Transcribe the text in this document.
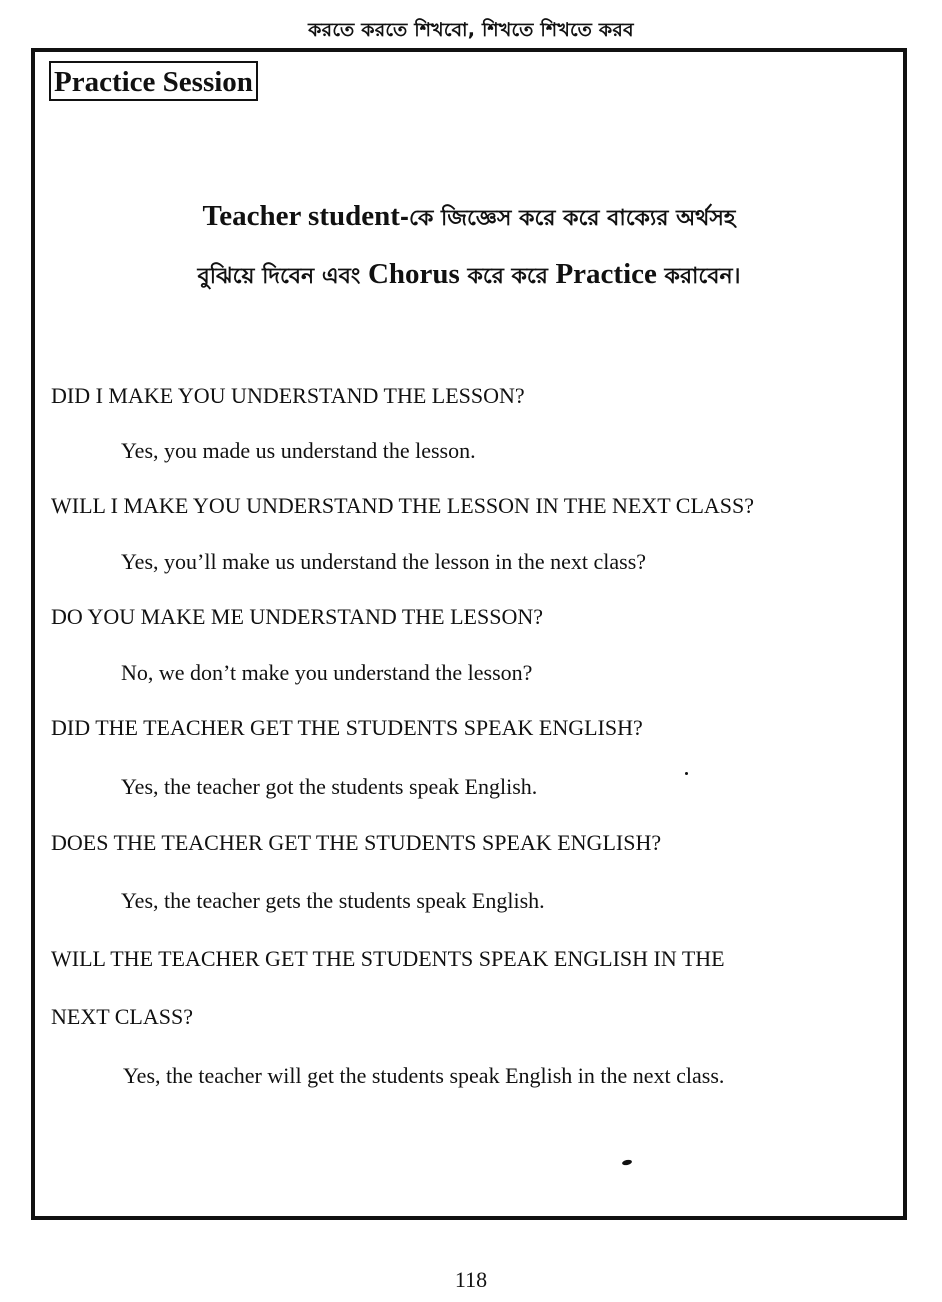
করতে করতে শিখবো, শিখতে শিখতে করব
Practice Session
Teacher student-কে জিজ্ঞেস করে করে বাক্যের অর্থসহ
বুঝিয়ে দিবেন এবং Chorus করে করে Practice করাবেন।
DID I MAKE YOU UNDERSTAND THE LESSON?
Yes, you made us understand the lesson.
WILL I MAKE YOU UNDERSTAND THE LESSON IN THE NEXT CLASS?
Yes, you’ll make us understand the lesson in the next class?
DO YOU MAKE ME UNDERSTAND THE LESSON?
No, we don’t make you understand the lesson?
DID THE TEACHER GET THE STUDENTS SPEAK ENGLISH?
Yes, the teacher got the students speak English.
DOES THE TEACHER GET THE STUDENTS SPEAK ENGLISH?
Yes, the teacher gets the students speak English.
WILL THE TEACHER GET THE STUDENTS SPEAK ENGLISH IN THE
NEXT CLASS?
Yes, the teacher will get the students speak English in the next class.
118
